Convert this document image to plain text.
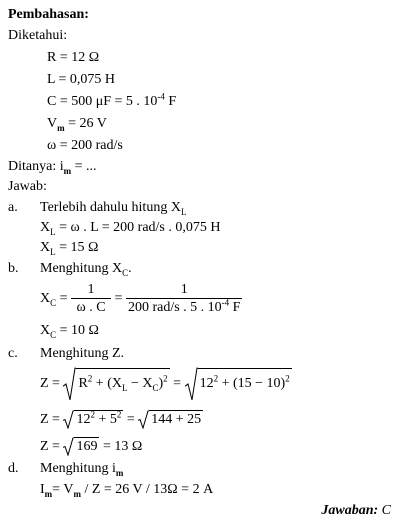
Pembahasan:
Diketahui:
R = 12 Ω
L = 0,075 H
C = 500 μF = 5 . $10^{-4}$ F
$V_m = 26$ V
ω = 200 rad/s
Ditanya: $i_m$ = ...
Jawab:
a. Terlebih dahulu hitung $X_L$
$X_L = \omega$ . L = 200 rad/s . 0,075 H
$X_L = 15$ Ω
b. Menghitung $X_C$.
$X_C = \frac{1}{\omega . C} = \frac{1}{200 rad/s . 5 . 10^{-4} F}$
$X_C = 10$ Ω
c. Menghitung Z.
$Z = R^2 + (X_L - X_C)^2 = 12^2 + (15 - 10)^2$
$Z = 12^2 + 5^2 = 144 + 25$
Z = 169 = 13 Ω
d. Menghitung $i_m$
$I_m= V_m / Z = 26$ V / 13Ω = 2 A
Jawaban: C
